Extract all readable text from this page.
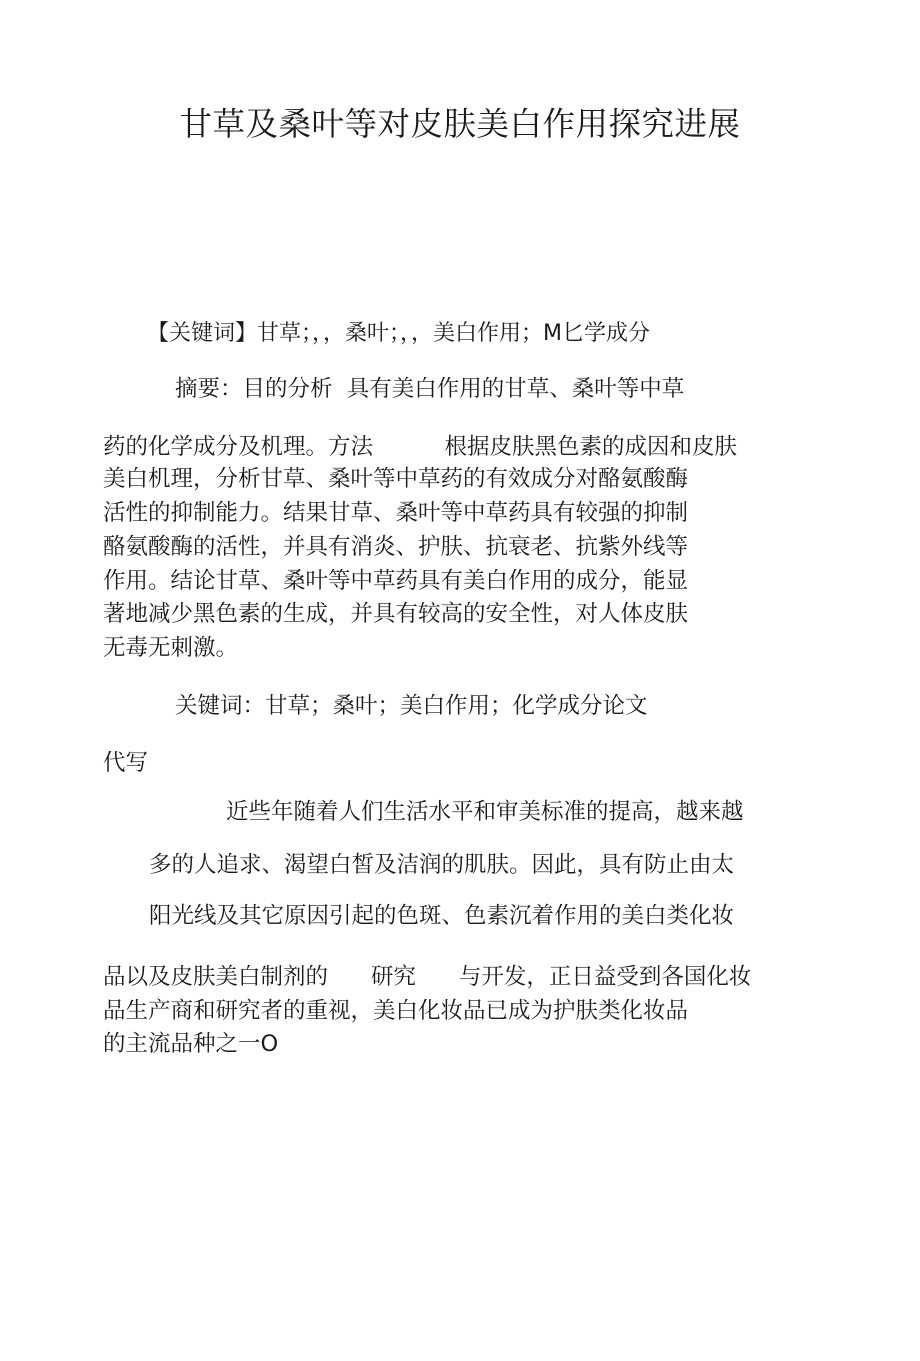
甘草及桑叶等对皮肤美白作用探究进展
【关键词】甘草；，，桑叶；，，美白作用；M匕学成分
摘要：目的分析  具有美白作用的甘草、桑叶等中草
药的化学成分及机理。方法          根据皮肤黑色素的成因和皮肤
美白机理，分析甘草、桑叶等中草药的有效成分对酪氨酸酶
活性的抑制能力。结果甘草、桑叶等中草药具有较强的抑制
酪氨酸酶的活性，并具有消炎、护肤、抗衰老、抗紫外线等
作用。结论甘草、桑叶等中草药具有美白作用的成分，能显
著地减少黑色素的生成，并具有较高的安全性，对人体皮肤
无毒无刺激。
关键词：甘草；桑叶；美白作用；化学成分论文
代写
近些年随着人们生活水平和审美标准的提高，越来越
多的人追求、渴望白皙及洁润的肌肤。因此，具有防止由太
阳光线及其它原因引起的色斑、色素沉着作用的美白类化妆
品以及皮肤美白制剂的      研究      与开发，正日益受到各国化妆
品生产商和研究者的重视，美白化妆品已成为护肤类化妆品
的主流品种之一O
